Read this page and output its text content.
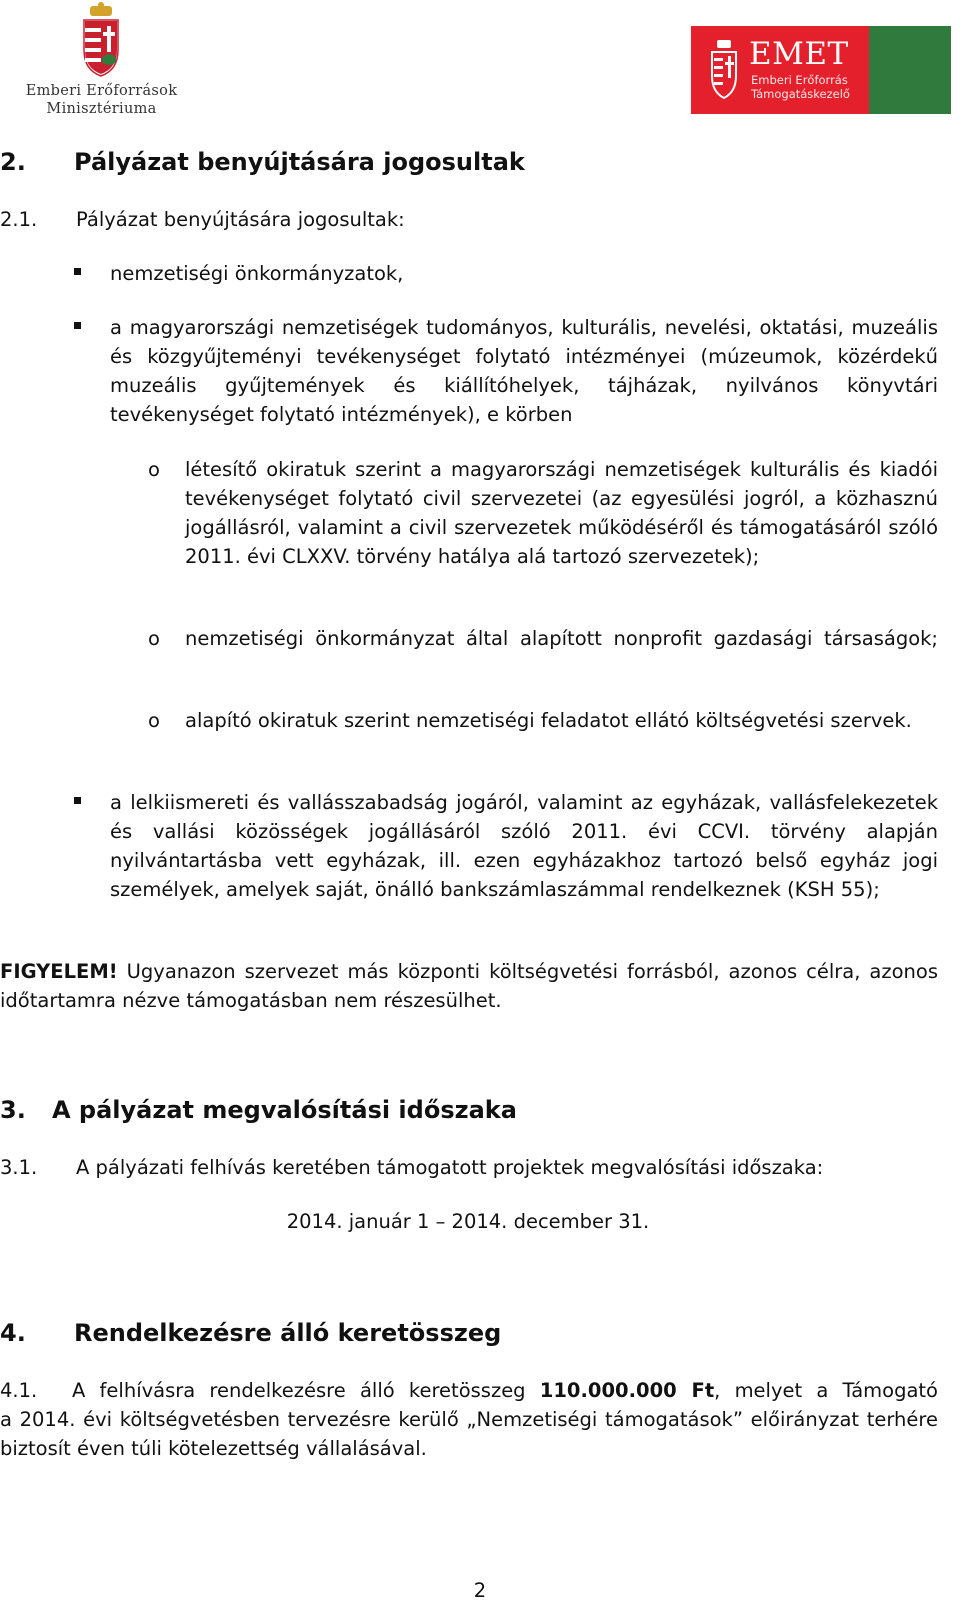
Emberi Erőforrások
Minisztériuma
EMET
Emberi Erőforrás
Támogatáskezelő
2. Pályázat benyújtására jogosultak
2.1. Pályázat benyújtására jogosultak:
nemzetiségi önkormányzatok,
a magyarországi nemzetiségek tudományos, kulturális, nevelési, oktatási, muzeális és közgyűjteményi tevékenységet folytató intézményei (múzeumok, közérdekű muzeális gyűjtemények és kiállítóhelyek, tájházak, nyilvános könyvtári tevékenységet folytató intézmények), e körben
o létesítő okiratuk szerint a magyarországi nemzetiségek kulturális és kiadói tevékenységet folytató civil szervezetei (az egyesülési jogról, a közhasznú jogállásról, valamint a civil szervezetek működéséről és támogatásáról szóló 2011. évi CLXXV. törvény hatálya alá tartozó szervezetek);
o nemzetiségi önkormányzat által alapított nonprofit gazdasági társaságok;
o alapító okiratuk szerint nemzetiségi feladatot ellátó költségvetési szervek.
a lelkiismereti és vallásszabadság jogáról, valamint az egyházak, vallásfelekezetek és vallási közösségek jogállásáról szóló 2011. évi CCVI. törvény alapján nyilvántartásba vett egyházak, ill. ezen egyházakhoz tartozó belső egyház jogi személyek, amelyek saját, önálló bankszámlaszámmal rendelkeznek (KSH 55);
FIGYELEM! Ugyanazon szervezet más központi költségvetési forrásból, azonos célra, azonos időtartamra nézve támogatásban nem részesülhet.
3. A pályázat megvalósítási időszaka
3.1. A pályázati felhívás keretében támogatott projektek megvalósítási időszaka:
2014. január 1 – 2014. december 31.
4. Rendelkezésre álló keretösszeg
4.1. A felhívásra rendelkezésre álló keretösszeg 110.000.000 Ft, melyet a Támogató
a 2014. évi költségvetésben tervezésre kerülő „Nemzetiségi támogatások” előirányzat terhére biztosít éven túli kötelezettség vállalásával.
2
